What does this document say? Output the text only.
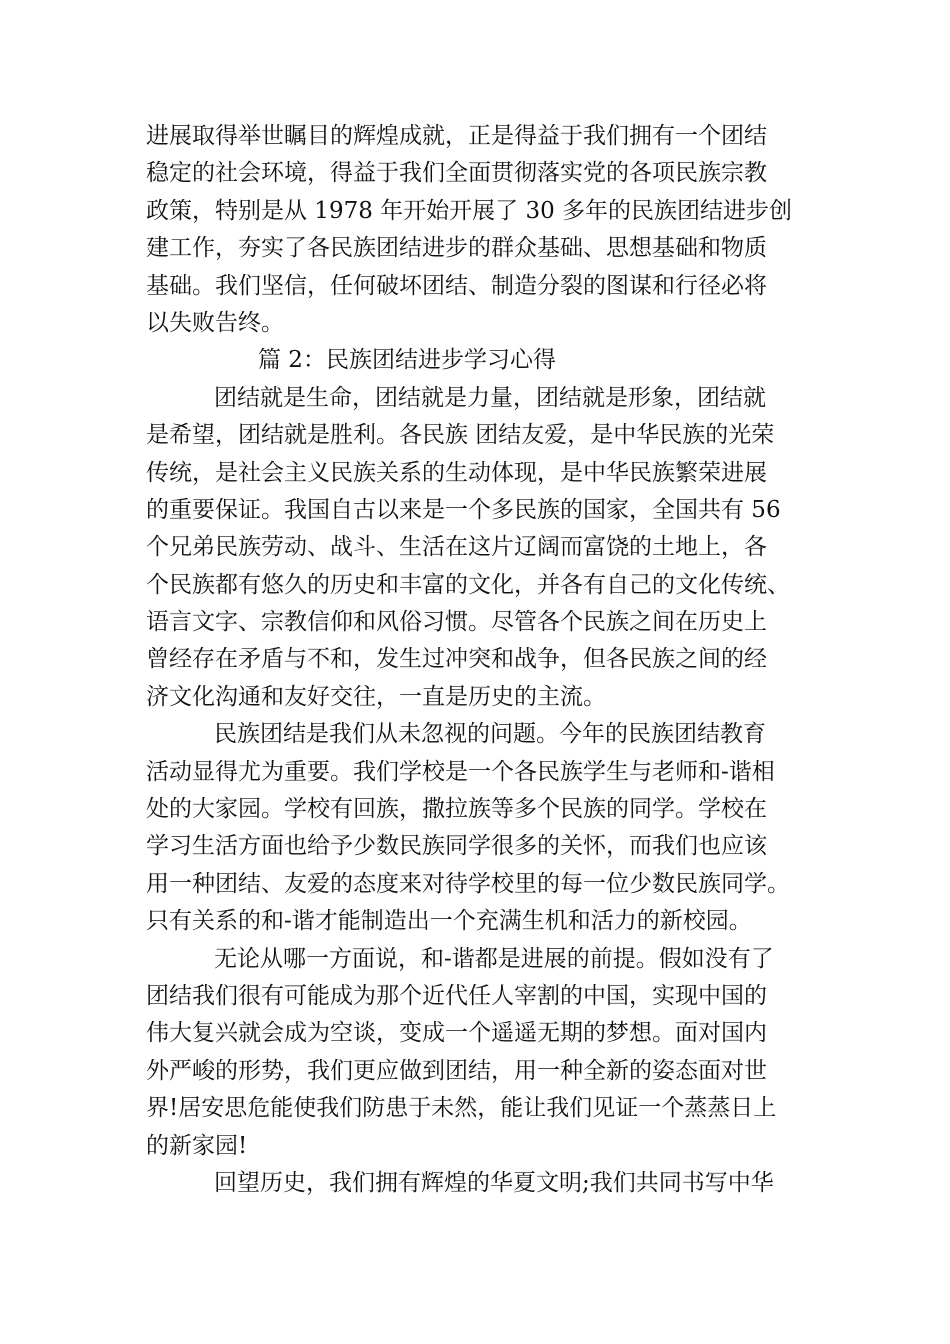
进展取得举世瞩目的辉煌成就，正是得益于我们拥有一个团结
稳定的社会环境，得益于我们全面贯彻落实党的各项民族宗教
政策，特别是从 1978 年开始开展了 30 多年的民族团结进步创
建工作，夯实了各民族团结进步的群众基础、思想基础和物质
基础。我们坚信，任何破坏团结、制造分裂的图谋和行径必将
以失败告终。
篇 2：民族团结进步学习心得
团结就是生命，团结就是力量，团结就是形象，团结就
是希望，团结就是胜利。各民族 团结友爱，是中华民族的光荣
传统，是社会主义民族关系的生动体现，是中华民族繁荣进展
的重要保证。我国自古以来是一个多民族的国家，全国共有 56
个兄弟民族劳动、战斗、生活在这片辽阔而富饶的土地上，各
个民族都有悠久的历史和丰富的文化，并各有自己的文化传统、
语言文字、宗教信仰和风俗习惯。尽管各个民族之间在历史上
曾经存在矛盾与不和，发生过冲突和战争，但各民族之间的经
济文化沟通和友好交往，一直是历史的主流。
民族团结是我们从未忽视的问题。今年的民族团结教育
活动显得尤为重要。我们学校是一个各民族学生与老师和-谐相
处的大家园。学校有回族，撒拉族等多个民族的同学。学校在
学习生活方面也给予少数民族同学很多的关怀，而我们也应该
用一种团结、友爱的态度来对待学校里的每一位少数民族同学。
只有关系的和-谐才能制造出一个充满生机和活力的新校园。
无论从哪一方面说，和-谐都是进展的前提。假如没有了
团结我们很有可能成为那个近代任人宰割的中国，实现中国的
伟大复兴就会成为空谈，变成一个遥遥无期的梦想。面对国内
外严峻的形势，我们更应做到团结，用一种全新的姿态面对世
界!居安思危能使我们防患于未然，能让我们见证一个蒸蒸日上
的新家园!
回望历史，我们拥有辉煌的华夏文明;我们共同书写中华
